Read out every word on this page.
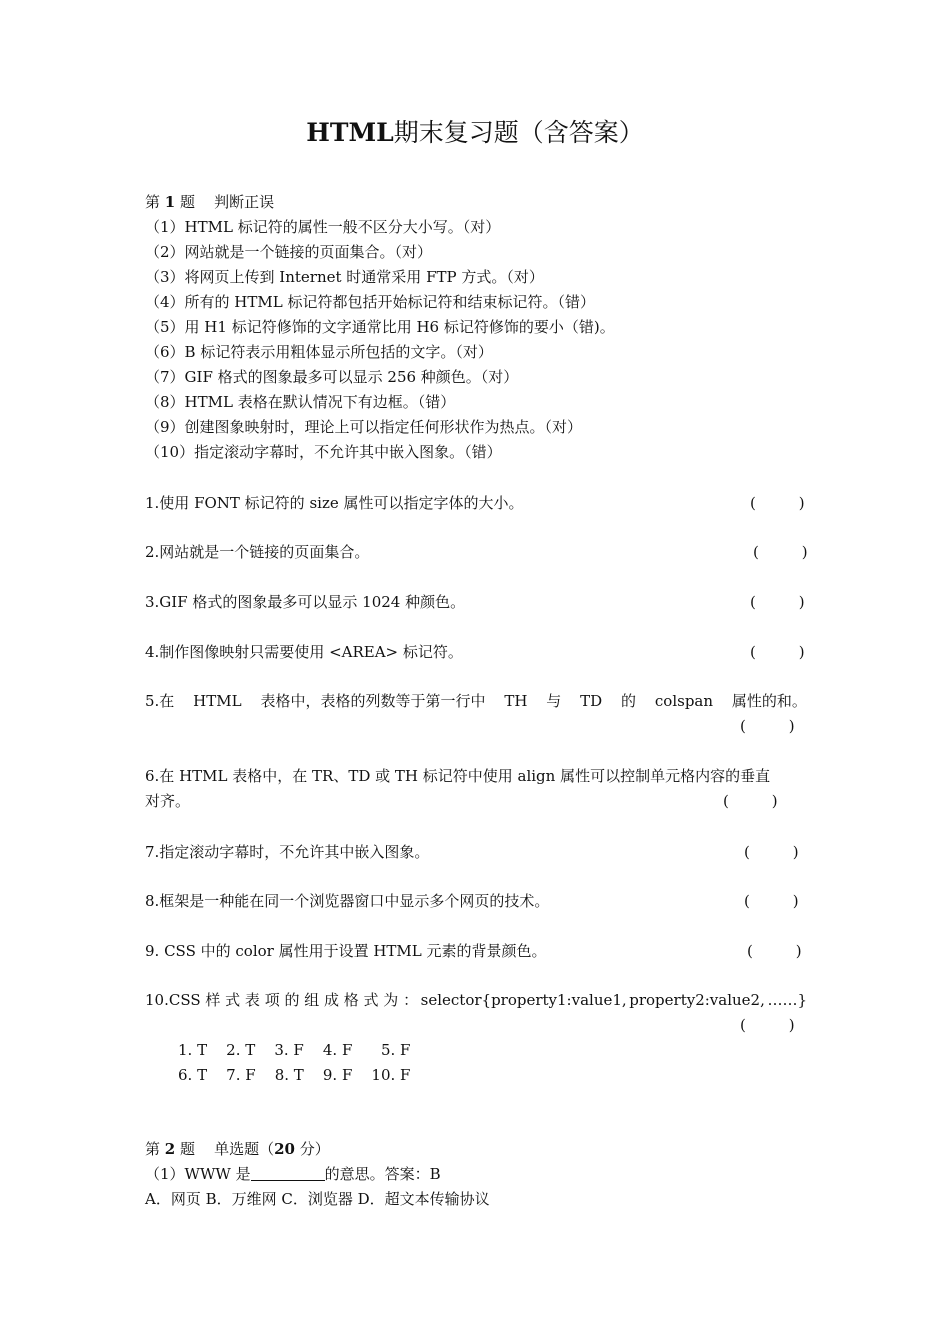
HTML期末复习题（含答案）
第 1 题 判断正误
（1）HTML 标记符的属性一般不区分大小写。（对）
（2）网站就是一个链接的页面集合。（对）
（3）将网页上传到 Internet 时通常采用 FTP 方式。（对）
（4）所有的 HTML 标记符都包括开始标记符和结束标记符。（错）
（5）用 H1 标记符修饰的文字通常比用 H6 标记符修饰的要小（错)。
（6）B 标记符表示用粗体显示所包括的文字。（对）
（7）GIF 格式的图象最多可以显示 256 种颜色。（对）
（8）HTML 表格在默认情况下有边框。（错）
（9）创建图象映射时，理论上可以指定任何形状作为热点。（对）
（10）指定滚动字幕时，不允许其中嵌入图象。（错）
1.使用 FONT 标记符的 size 属性可以指定字体的大小。	(         )
2.网站就是一个链接的页面集合。	(         )
3.GIF 格式的图象最多可以显示 1024 种颜色。	(         )
4.制作图像映射只需要使用 <AREA> 标记符。	(         )
5.在 HTML 表格中，表格的列数等于第一行中 TH 与 TD 的 colspan 属性的和。
(         )
6.在 HTML 表格中，在 TR、TD 或 TH 标记符中使用 align 属性可以控制单元格内容的垂直
对齐。	(         )
7.指定滚动字幕时，不允许其中嵌入图象。	(         )
8.框架是一种能在同一个浏览器窗口中显示多个网页的技术。	(         )
9. CSS 中的 color 属性用于设置 HTML 元素的背景颜色。	(         )
10.CSS 样 式 表 项 的 组 成 格 式 为 ： selector{property1:value1, property2:value2, ……}
(         )
1. T    2. T    3. F    4. F      5. F
6. T    7. F    8. T    9. F    10. F
第 2 题 单选题（20 分）
（1）WWW 是	的意思。答案：B
A．网页 B．万维网 C．浏览器 D．超文本传输协议
